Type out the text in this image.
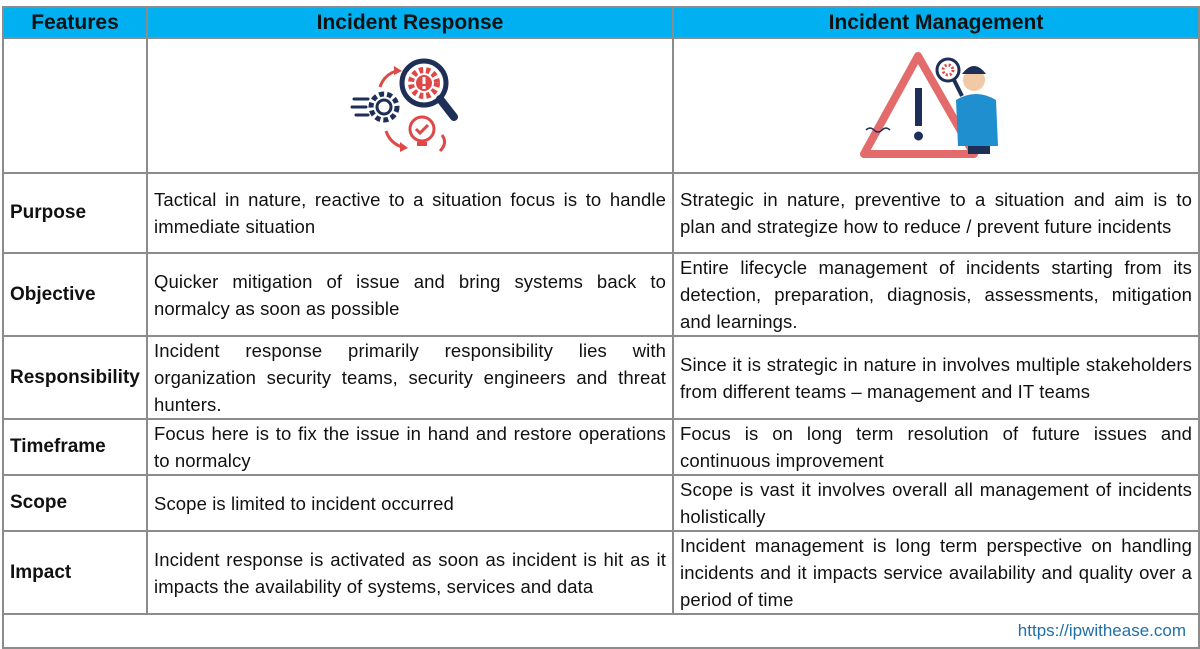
Features	Incident Response	Incident Management

Purpose	Tactical in nature, reactive to a situation focus is to handle immediate situation	Strategic in nature, preventive to a situation and aim is to plan and strategize how to reduce / prevent future incidents
Objective	Quicker mitigation of issue and bring systems back to normalcy as soon as possible	Entire lifecycle management of incidents starting from its detection, preparation, diagnosis, assessments, mitigation and learnings.
Responsibility	Incident response primarily responsibility lies with organization security teams, security engineers and threat hunters.	Since it is strategic in nature in involves multiple stakeholders from different teams – management and IT teams
Timeframe	Focus here is to fix the issue in hand and restore operations to normalcy	Focus is on long term resolution of future issues and continuous improvement
Scope	Scope is limited to incident occurred	Scope is vast it involves overall all management of incidents holistically
Impact	Incident response is activated as soon as incident is hit as it impacts the availability of systems, services and data	Incident management is long term perspective on handling incidents and it impacts service availability and quality over a period of time
https://ipwithease.com		
